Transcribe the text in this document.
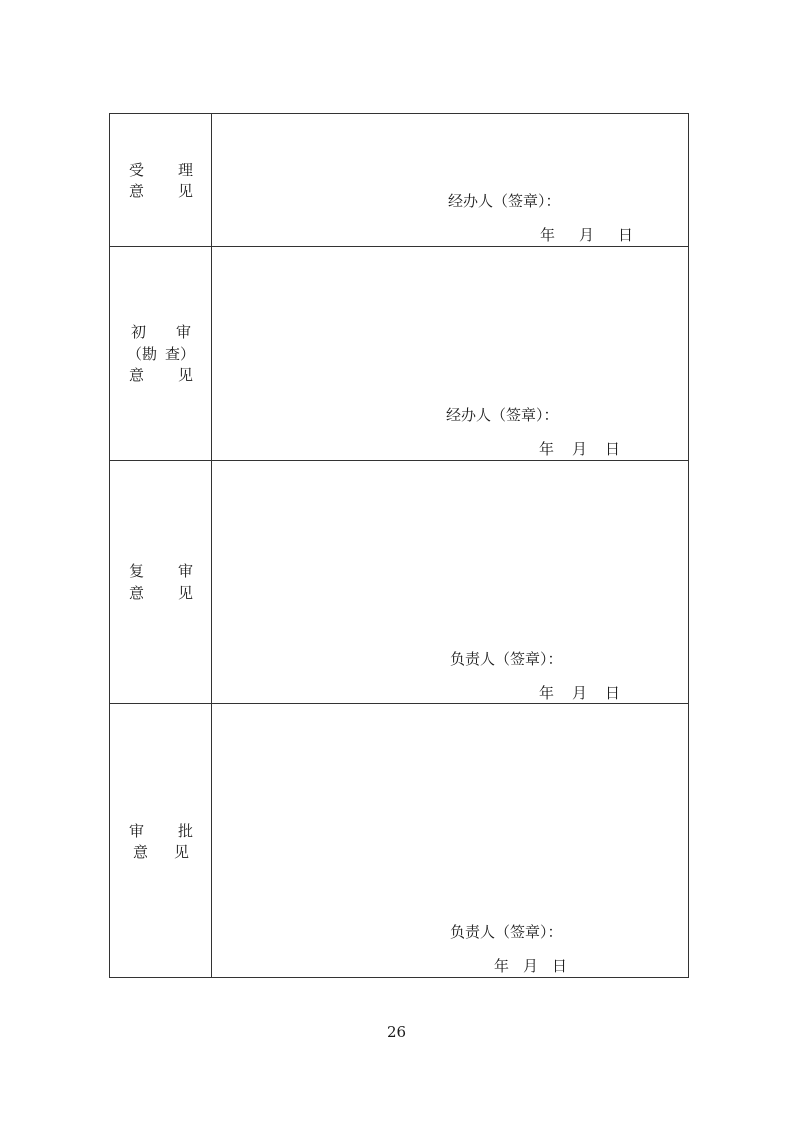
受 理
意 见
经办人（签章）：
年 月 日
初 审
（勘 查）
意 见
经办人（签章）：
年 月 日
复 审
意 见
负责人（签章）：
年 月 日
审 批
意 见
负责人（签章）：
年 月 日
26
